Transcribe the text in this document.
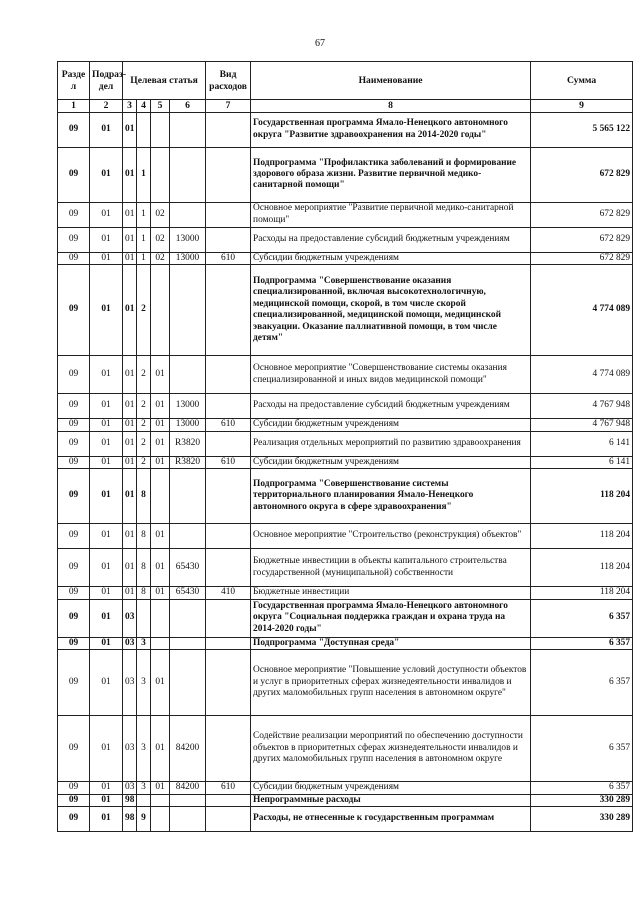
67
Разде л	Подраз- дел	Целевая статья				Вид расходов	Наименование	Сумма
1	2	3	4	5	6	7	8	9
09	01	01					Государственная программа Ямало-Ненецкого автономного округа "Развитие здравоохранения на 2014-2020 годы"	5 565 122
09	01	01	1				Подпрограмма "Профилактика заболеваний и формирование здорового образа жизни. Развитие первичной медико-санитарной помощи"	672 829
09	01	01	1	02			Основное мероприятие "Развитие первичной медико-санитарной помощи"	672 829
09	01	01	1	02	13000		Расходы на предоставление субсидий бюджетным учреждениям	672 829
09	01	01	1	02	13000	610	Субсидии бюджетным учреждениям	672 829
09	01	01	2				Подпрограмма "Совершенствование оказания специализированной, включая высокотехнологичную, медицинской помощи, скорой, в том числе скорой специализированной, медицинской помощи, медицинской эвакуации. Оказание паллиативной помощи, в том числе детям"	4 774 089
09	01	01	2	01			Основное мероприятие "Совершенствование системы оказания специализированной и иных видов медицинской помощи"	4 774 089
09	01	01	2	01	13000		Расходы на предоставление субсидий бюджетным учреждениям	4 767 948
09	01	01	2	01	13000	610	Субсидии бюджетным учреждениям	4 767 948
09	01	01	2	01	R3820		Реализация отдельных мероприятий по развитию здравоохранения	6 141
09	01	01	2	01	R3820	610	Субсидии бюджетным учреждениям	6 141
09	01	01	8				Подпрограмма "Совершенствование системы территориального планирования Ямало-Ненецкого автономного округа в сфере здравоохранения"	118 204
09	01	01	8	01			Основное мероприятие "Строительство (реконструкция) объектов"	118 204
09	01	01	8	01	65430		Бюджетные инвестиции в объекты капитального строительства государственной (муниципальной) собственности	118 204
09	01	01	8	01	65430	410	Бюджетные инвестиции	118 204
09	01	03					Государственная программа Ямало-Ненецкого автономного округа "Социальная поддержка граждан и охрана труда на 2014-2020 годы"	6 357
09	01	03	3				Подпрограмма "Доступная среда"	6 357
09	01	03	3	01			Основное мероприятие "Повышение условий доступности объектов и услуг в приоритетных сферах жизнедеятельности инвалидов и других маломобильных групп населения в автономном округе"	6 357
09	01	03	3	01	84200		Содействие реализации мероприятий по обеспечению доступности объектов в приоритетных сферах жизнедеятельности инвалидов и других маломобильных групп населения в автономном округе	6 357
09	01	03	3	01	84200	610	Субсидии бюджетным учреждениям	6 357
09	01	98					Непрограммные расходы	330 289
09	01	98	9				Расходы, не отнесенные к государственным программам	330 289
